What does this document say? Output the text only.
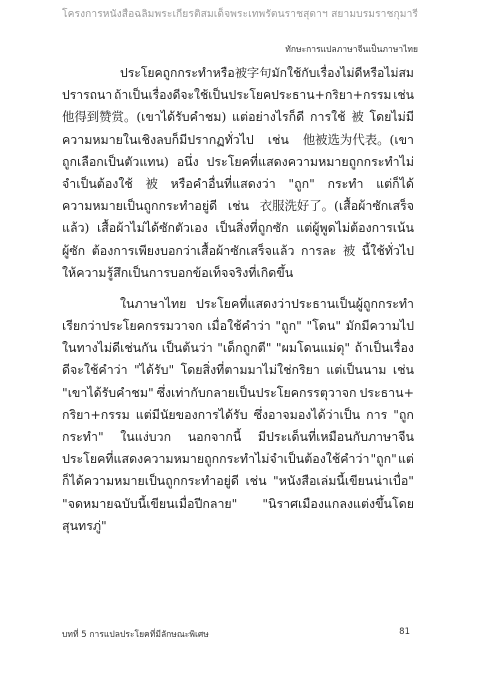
โครงการหนังสือฉลิมพระเกียรติสมเด็จพระเทพรัตนราชสุดาฯ สยามบรมราชกุมารี
ทักษะการแปลภาษาจีนเป็นภาษาไทย
ประโยคถูกกระทำหรือ 被字句 มักใช้กับเรื่องไม่ดีหรือไม่สม
ปรารถนา ถ้าเป็นเรื่องดีจะใช้เป็นประโยคประธาน+กริยา+กรรม เช่น
他得到赞赏。(เขาได้รับคำชม) แต่อย่างไรก็ดี การใช้ 被 โดยไม่มี
ความหมายในเชิงลบก็มีปรากฏทั่วไป เช่น 他被选为代表。(เขา
ถูกเลือกเป็นตัวแทน) อนึ่ง ประโยคที่แสดงความหมายถูกกระทำไม่
จำเป็นต้องใช้ 被 หรือคำอื่นที่แสดงว่า "ถูก" กระทำ แต่ก็ได้
ความหมายเป็นถูกกระทำอยู่ดี เช่น 衣服洗好了。(เสื้อผ้าซักเสร็จ
แล้ว) เสื้อผ้าไม่ได้ซักตัวเอง เป็นสิ่งที่ถูกซัก แต่ผู้พูดไม่ต้องการเน้น
ผู้ซัก ต้องการเพียงบอกว่าเสื้อผ้าซักเสร็จแล้ว การละ 被 นี้ใช้ทั่วไป
ให้ความรู้สึกเป็นการบอกข้อเท็จจริงที่เกิดขึ้น
ในภาษาไทย ประโยคที่แสดงว่าประธานเป็นผู้ถูกกระทำ
เรียกว่าประโยคกรรมวาจก เมื่อใช้คำว่า "ถูก" "โดน" มักมีความไป
ในทางไม่ดีเช่นกัน เป็นต้นว่า "เด็กถูกตี" "ผมโดนแม่ดุ" ถ้าเป็นเรื่อง
ดีจะใช้คำว่า "ได้รับ" โดยสิ่งที่ตามมาไม่ใช่กริยา แต่เป็นนาม เช่น
"เขาได้รับคำชม" ซึ่งเท่ากับกลายเป็นประโยคกรรตุวาจก ประธาน+
กริยา+กรรม แต่มีนัยของการได้รับ ซึ่งอาจมองได้ว่าเป็น การ "ถูก
กระทำ" ในแง่บวก นอกจากนี้ มีประเด็นที่เหมือนกับภาษาจีน
ประโยคที่แสดงความหมายถูกกระทำไม่จำเป็นต้องใช้คำว่า "ถูก" แต่
ก็ได้ความหมายเป็นถูกกระทำอยู่ดี เช่น "หนังสือเล่มนี้เขียนน่าเบื่อ"
"จดหมายฉบับนี้เขียนเมื่อปีกลาย" "นิราศเมืองแกลงแต่งขึ้นโดย
สุนทรภู่"
บทที่ 5 การแปลประโยคที่มีลักษณะพิเศษ	81
